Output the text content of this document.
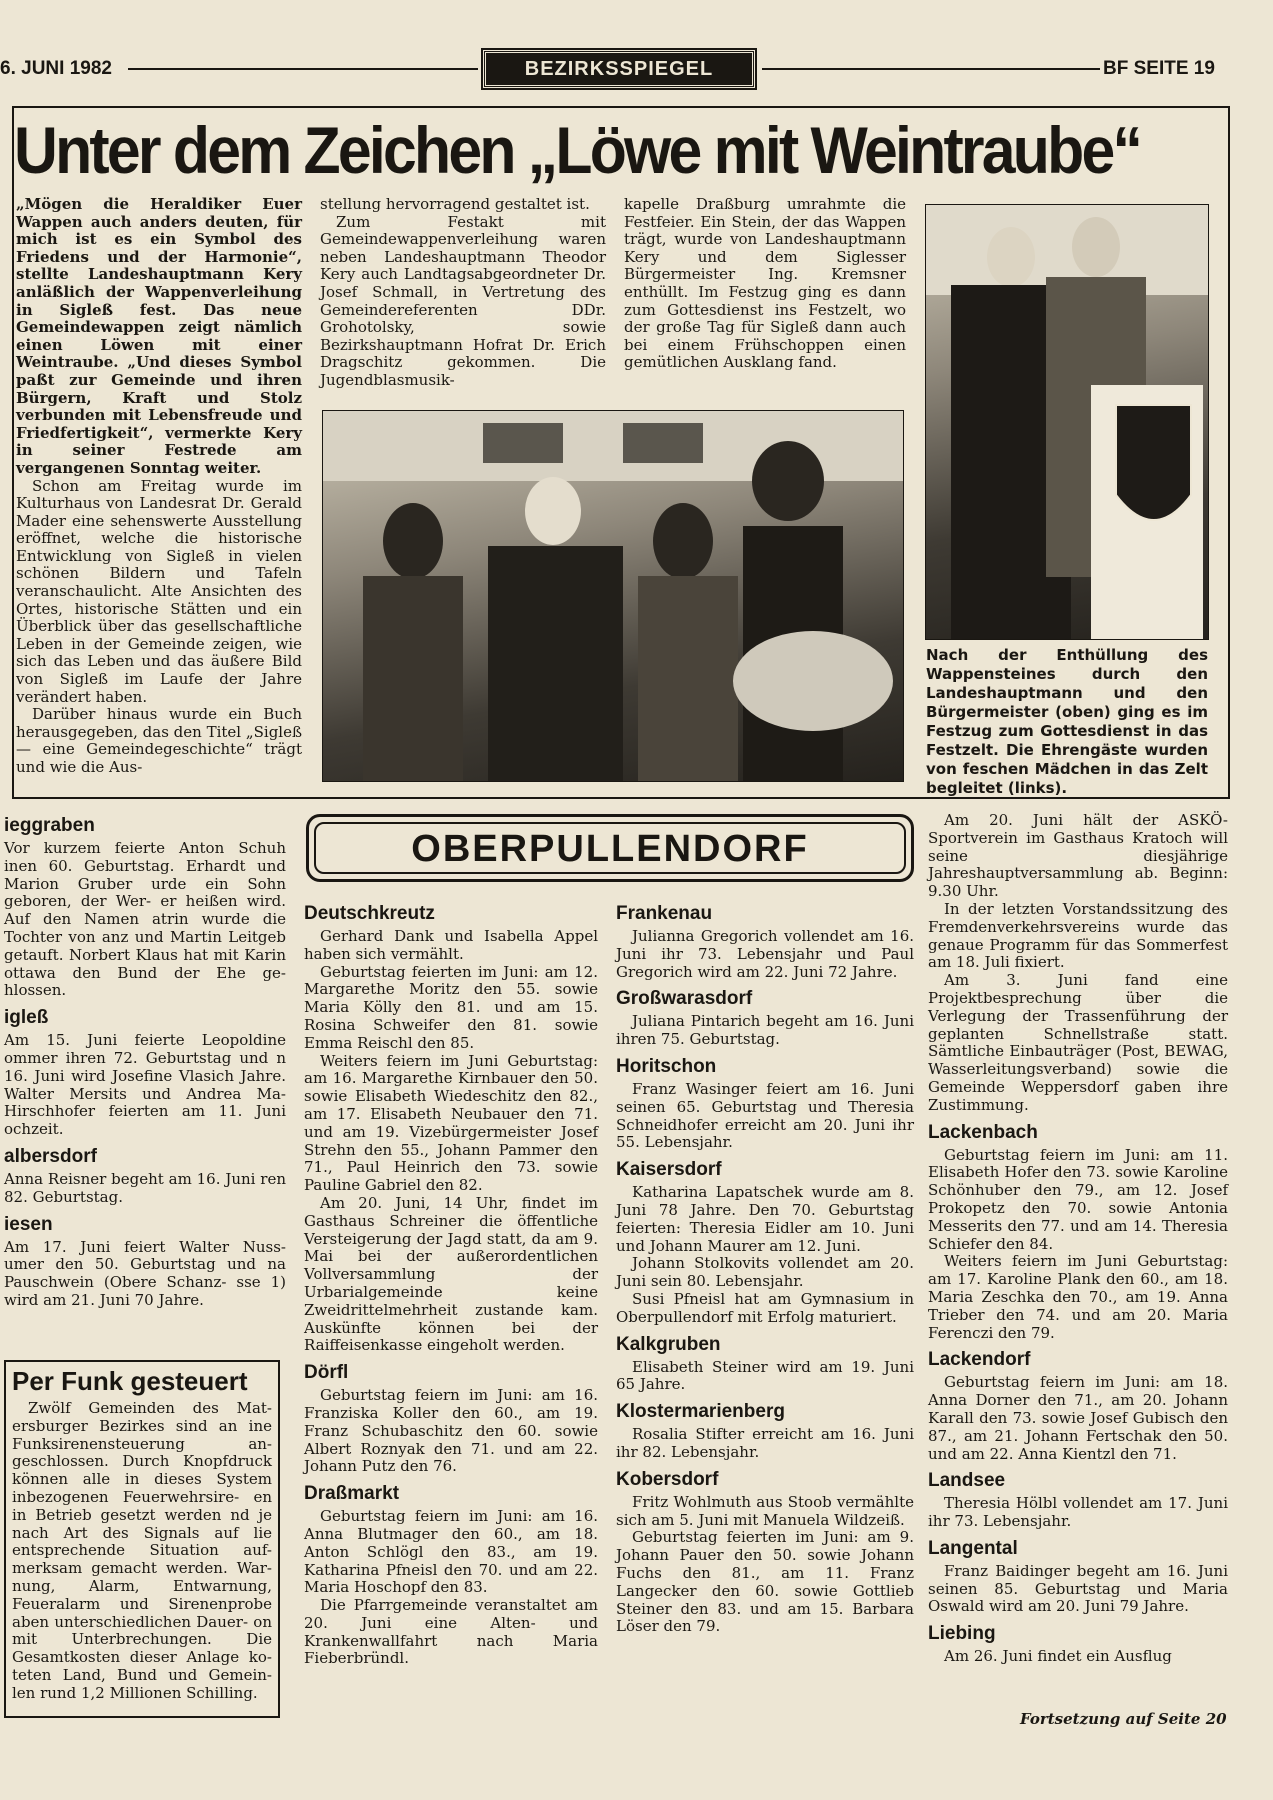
6. JUNI 1982	BEZIRKSSPIEGEL	BF SEITE 19
Unter dem Zeichen „Löwe mit Weintraube“

„Mögen die Heraldiker Euer Wappen auch anders deuten, für mich ist es ein Symbol des Friedens und der Harmonie“, stellte Landeshauptmann Kery anläßlich der Wappenverleihung in Siglеß fest. Das neue Gemeindewappen zeigt nämlich einen Löwen mit einer Weintraube. „Und dieses Symbol paßt zur Gemeinde und ihren Bürgern, Kraft und Stolz verbunden mit Lebensfreude und Friedfertigkeit“, vermerkte Kery in seiner Festrede am vergangenen Sonntag weiter.

Schon am Freitag wurde im Kulturhaus von Landesrat Dr. Gerald Mader eine sehenswerte Ausstellung eröffnet, welche die historische Entwicklung von Sigleß in vielen schönen Bildern und Tafeln veranschaulicht. Alte Ansichten des Ortes, historische Stätten und ein Überblick über das gesellschaftliche Leben in der Gemeinde zeigen, wie sich das Leben und das äußere Bild von Sigleß im Laufe der Jahre verändert haben.

Darüber hinaus wurde ein Buch herausgegeben, das den Titel „Sigleß — eine Gemeindegeschichte“ trägt und wie die Aus-

stellung hervorragend gestaltet ist.

Zum Festakt mit Gemeindewappenverleihung waren neben Landeshauptmann Theodor Kery auch Landtagsabgeordneter Dr. Josef Schmall, in Vertretung des Gemeindereferenten DDr. Grohotolsky, sowie Bezirkshauptmann Hofrat Dr. Erich Dragschitz gekommen. Die Jugendblasmusik-

kapelle Draßburg umrahmte die Festfeier. Ein Stein, der das Wappen trägt, wurde von Landeshauptmann Kery und dem Siglesser Bürgermeister Ing. Kremsner enthüllt. Im Festzug ging es dann zum Gottesdienst ins Festzelt, wo der große Tag für Sigleß dann auch bei einem Frühschoppen einen gemütlichen Ausklang fand.

Nach der Enthüllung des Wappensteines durch den Landeshauptmann und den Bürgermeister (oben) ging es im Festzug zum Gottesdienst in das Festzelt. Die Ehrengäste wurden von feschen Mädchen in das Zelt begleitet (links).
ieggraben

Vor kurzem feierte Anton Schuh inen 60. Geburtstag. Erhardt und Marion Gruber urde ein Sohn geboren, der Wer- er heißen wird. Auf den Namen atrin wurde die Tochter von anz und Martin Leitgeb getauft. Norbert Klaus hat mit Karin ottawa den Bund der Ehe ge- hlossen.

igleß

Am 15. Juni feierte Leopoldine ommer ihren 72. Geburtstag und n 16. Juni wird Josefine Vlasich Jahre. Walter Mersits und Andrea Ma- Hirschhofer feierten am 11. Juni ochzeit.

albersdorf

Anna Reisner begeht am 16. Juni ren 82. Geburtstag.

iesen

Am 17. Juni feiert Walter Nuss- umer den 50. Geburtstag und na Pauschwein (Obere Schanz- sse 1) wird am 21. Juni 70 Jahre.

Per Funk gesteuert

Zwölf Gemeinden des Mat- ersburger Bezirkes sind an ine Funksirenensteuerung an- geschlossen. Durch Knopfdruck können alle in dieses System inbezogenen Feuerwehrsire- en in Betrieb gesetzt werden nd je nach Art des Signals auf lie entsprechende Situation auf- merksam gemacht werden. War- nung, Alarm, Entwarnung, Feueralarm und Sirenenprobe aben unterschiedlichen Dauer- on mit Unterbrechungen. Die Gesamtkosten dieser Anlage ko- teten Land, Bund und Gemein- len rund 1,2 Millionen Schilling.

OBERPULLENDORF
Deutschkreutz

Gerhard Dank und Isabella Appel haben sich vermählt.

Geburtstag feierten im Juni: am 12. Margarethe Moritz den 55. sowie Maria Kölly den 81. und am 15. Rosina Schweifer den 81. sowie Emma Reischl den 85.

Weiters feiern im Juni Geburtstag: am 16. Margarethe Kirnbauer den 50. sowie Elisabeth Wiedeschitz den 82., am 17. Elisabeth Neubauer den 71. und am 19. Vizebürgermeister Josef Strehn den 55., Johann Pammer den 71., Paul Heinrich den 73. sowie Pauline Gabriel den 82.

Am 20. Juni, 14 Uhr, findet im Gasthaus Schreiner die öffentliche Versteigerung der Jagd statt, da am 9. Mai bei der außerordentlichen Vollversammlung der Urbarialgemeinde keine Zweidrittelmehrheit zustande kam. Auskünfte können bei der Raiffeisenkasse eingeholt werden.

Dörfl

Geburtstag feiern im Juni: am 16. Franziska Koller den 60., am 19. Franz Schubaschitz den 60. sowie Albert Roznyak den 71. und am 22. Johann Putz den 76.

Draßmarkt

Geburtstag feiern im Juni: am 16. Anna Blutmager den 60., am 18. Anton Schlögl den 83., am 19. Katharina Pfneisl den 70. und am 22. Maria Hoschopf den 83.

Die Pfarrgemeinde veranstaltet am 20. Juni eine Alten- und Krankenwallfahrt nach Maria Fieberbründl.

Frankenau

Julianna Gregorich vollendet am 16. Juni ihr 73. Lebensjahr und Paul Gregorich wird am 22. Juni 72 Jahre.

Großwarasdorf

Juliana Pintarich begeht am 16. Juni ihren 75. Geburtstag.

Horitschon

Franz Wasinger feiert am 16. Juni seinen 65. Geburtstag und Theresia Schneidhofer erreicht am 20. Juni ihr 55. Lebensjahr.

Kaisersdorf

Katharina Lapatschek wurde am 8. Juni 78 Jahre. Den 70. Geburtstag feierten: Theresia Eidler am 10. Juni und Johann Maurer am 12. Juni.

Johann Stolkovits vollendet am 20. Juni sein 80. Lebensjahr.

Susi Pfneisl hat am Gymnasium in Oberpullendorf mit Erfolg maturiert.

Kalkgruben

Elisabeth Steiner wird am 19. Juni 65 Jahre.

Klostermarienberg

Rosalia Stifter erreicht am 16. Juni ihr 82. Lebensjahr.

Kobersdorf

Fritz Wohlmuth aus Stoob vermählte sich am 5. Juni mit Manuela Wildzeiß.

Geburtstag feierten im Juni: am 9. Johann Pauer den 50. sowie Johann Fuchs den 81., am 11. Franz Langecker den 60. sowie Gottlieb Steiner den 83. und am 15. Barbara Löser den 79.

Am 20. Juni hält der ASKÖ-Sportverein im Gasthaus Kratoch will seine diesjährige Jahreshauptversammlung ab. Beginn: 9.30 Uhr.

In der letzten Vorstandssitzung des Fremdenverkehrsvereins wurde das genaue Programm für das Sommerfest am 18. Juli fixiert.

Am 3. Juni fand eine Projektbesprechung über die Verlegung der Trassenführung der geplanten Schnellstraße statt. Sämtliche Einbauträger (Post, BEWAG, Wasserleitungsverband) sowie die Gemeinde Weppersdorf gaben ihre Zustimmung.

Lackenbach

Geburtstag feiern im Juni: am 11. Elisabeth Hofer den 73. sowie Karoline Schönhuber den 79., am 12. Josef Prokopetz den 70. sowie Antonia Messerits den 77. und am 14. Theresia Schiefer den 84.

Weiters feiern im Juni Geburtstag: am 17. Karoline Plank den 60., am 18. Maria Zeschka den 70., am 19. Anna Trieber den 74. und am 20. Maria Ferenczi den 79.

Lackendorf

Geburtstag feiern im Juni: am 18. Anna Dorner den 71., am 20. Johann Karall den 73. sowie Josef Gubisch den 87., am 21. Johann Fertschak den 50. und am 22. Anna Kientzl den 71.

Landsee

Theresia Hölbl vollendet am 17. Juni ihr 73. Lebensjahr.

Langental

Franz Baidinger begeht am 16. Juni seinen 85. Geburtstag und Maria Oswald wird am 20. Juni 79 Jahre.

Liebing

Am 26. Juni findet ein Ausflug

Fortsetzung auf Seite 20
